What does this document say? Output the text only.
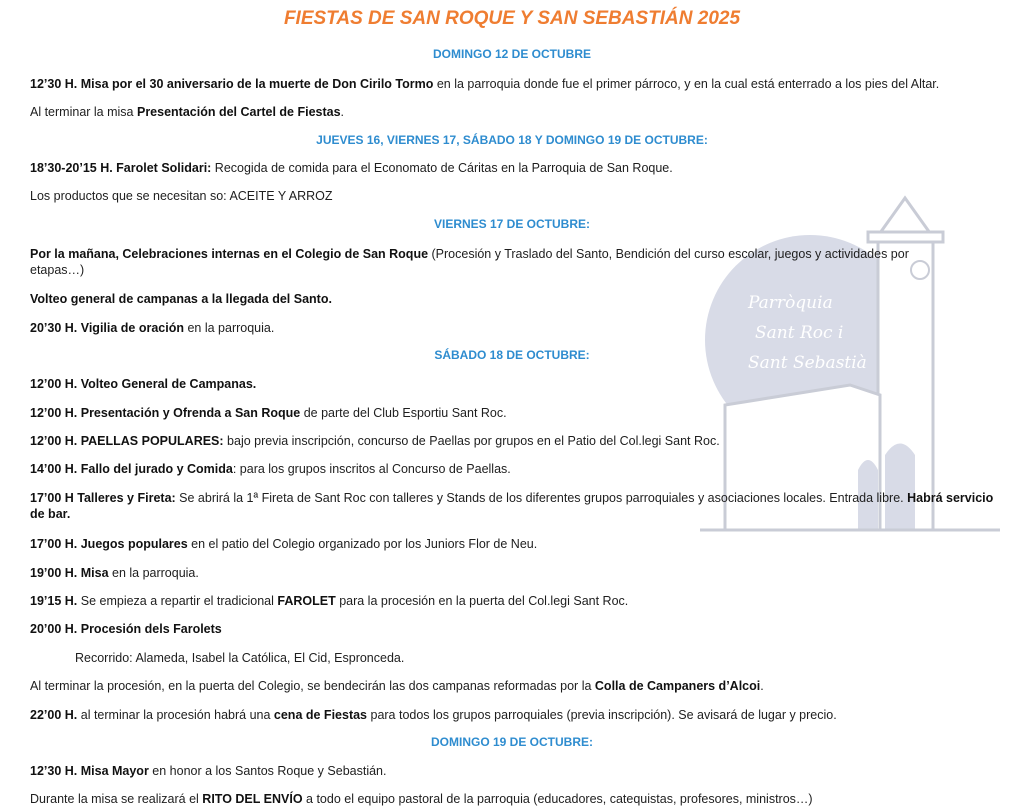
Parròquia
Sant Roc i
Sant Sebastià
FIESTAS DE SAN ROQUE Y SAN SEBASTIÁN 2025
DOMINGO 12 DE OCTUBRE
12’30 H. Misa por el 30 aniversario de la muerte de Don Cirilo Tormo en la parroquia donde fue el primer párroco, y en la cual está enterrado a los pies del Altar.
Al terminar la misa Presentación del Cartel de Fiestas.
JUEVES 16, VIERNES 17, SÁBADO 18 Y DOMINGO 19 DE OCTUBRE:
18’30-20’15 H. Farolet Solidari: Recogida de comida para el Economato de Cáritas en la Parroquia de San Roque.
Los productos que se necesitan so: ACEITE Y ARROZ
VIERNES 17 DE OCTUBRE:
Por la mañana, Celebraciones internas en el Colegio de San Roque (Procesión y Traslado del Santo, Bendición del curso escolar, juegos y actividades por etapas…)
Volteo general de campanas a la llegada del Santo.
20’30 H. Vigilia de oración en la parroquia.
SÁBADO 18 DE OCTUBRE:
12’00 H. Volteo General de Campanas.
12’00 H. Presentación y Ofrenda a San Roque de parte del Club Esportiu Sant Roc.
12’00 H. PAELLAS POPULARES: bajo previa inscripción, concurso de Paellas por grupos en el Patio del Col.legi Sant Roc.
14’00 H. Fallo del jurado y Comida: para los grupos inscritos al Concurso de Paellas.
17’00 H Talleres y Fireta: Se abrirá la 1ª Fireta de Sant Roc con talleres y Stands de los diferentes grupos parroquiales y asociaciones locales. Entrada libre. Habrá servicio de bar.
17’00 H. Juegos populares en el patio del Colegio organizado por los Juniors Flor de Neu.
19’00 H. Misa en la parroquia.
19’15 H. Se empieza a repartir el tradicional FAROLET para la procesión en la puerta del Col.legi Sant Roc.
20’00 H. Procesión dels Farolets
Recorrido: Alameda, Isabel la Católica, El Cid, Espronceda.
Al terminar la procesión, en la puerta del Colegio, se bendecirán las dos campanas reformadas por la Colla de Campaners d’Alcoi.
22’00 H. al terminar la procesión habrá una cena de Fiestas para todos los grupos parroquiales (previa inscripción). Se avisará de lugar y precio.
DOMINGO 19 DE OCTUBRE:
12’30 H. Misa Mayor en honor a los Santos Roque y Sebastián.
Durante la misa se realizará el RITO DEL ENVÍO a todo el equipo pastoral de la parroquia (educadores, catequistas, profesores, ministros…)
